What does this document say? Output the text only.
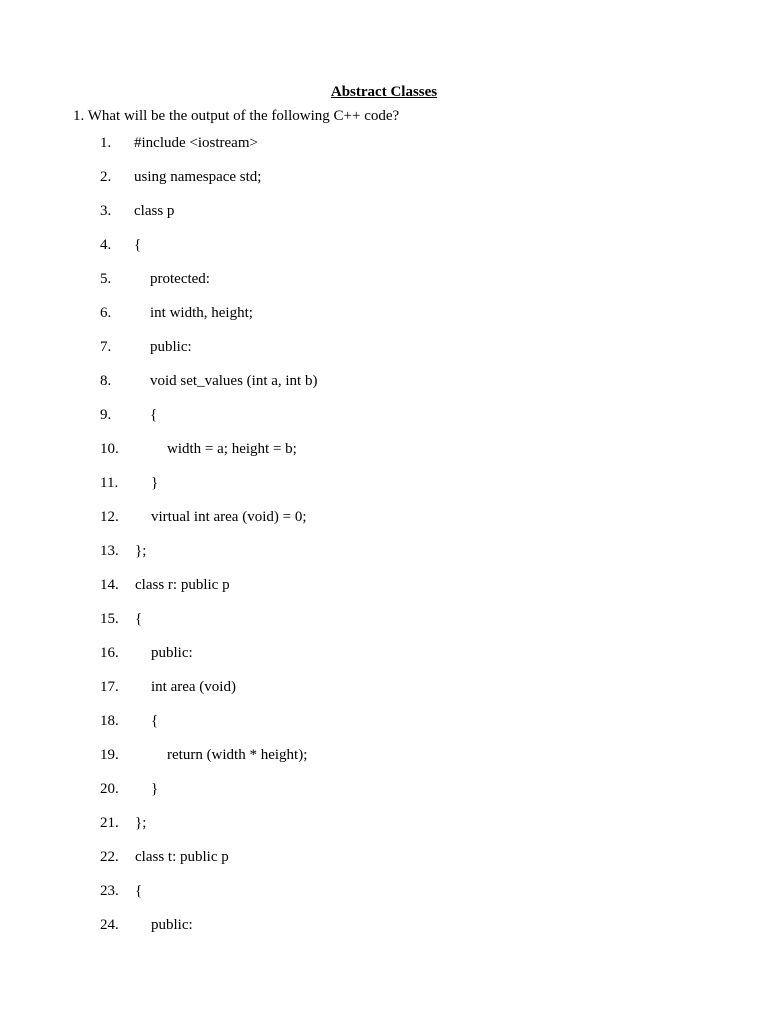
Abstract Classes
1. What will be the output of the following C++ code?
1. #include <iostream>
2. using namespace std;
3. class p
4. {
5.	protected:
6.	int width, height;
7.	public:
8.	void set_values (int a, int b)
9.	{
10.	width = a; height = b;
11. }
12. virtual int area (void) = 0;
13. };
14. class r: public p
15. {
16. public:
17. int area (void)
18. {
19.	return (width * height);
20. }
21. };
22. class t: public p
23. {
24. public:
